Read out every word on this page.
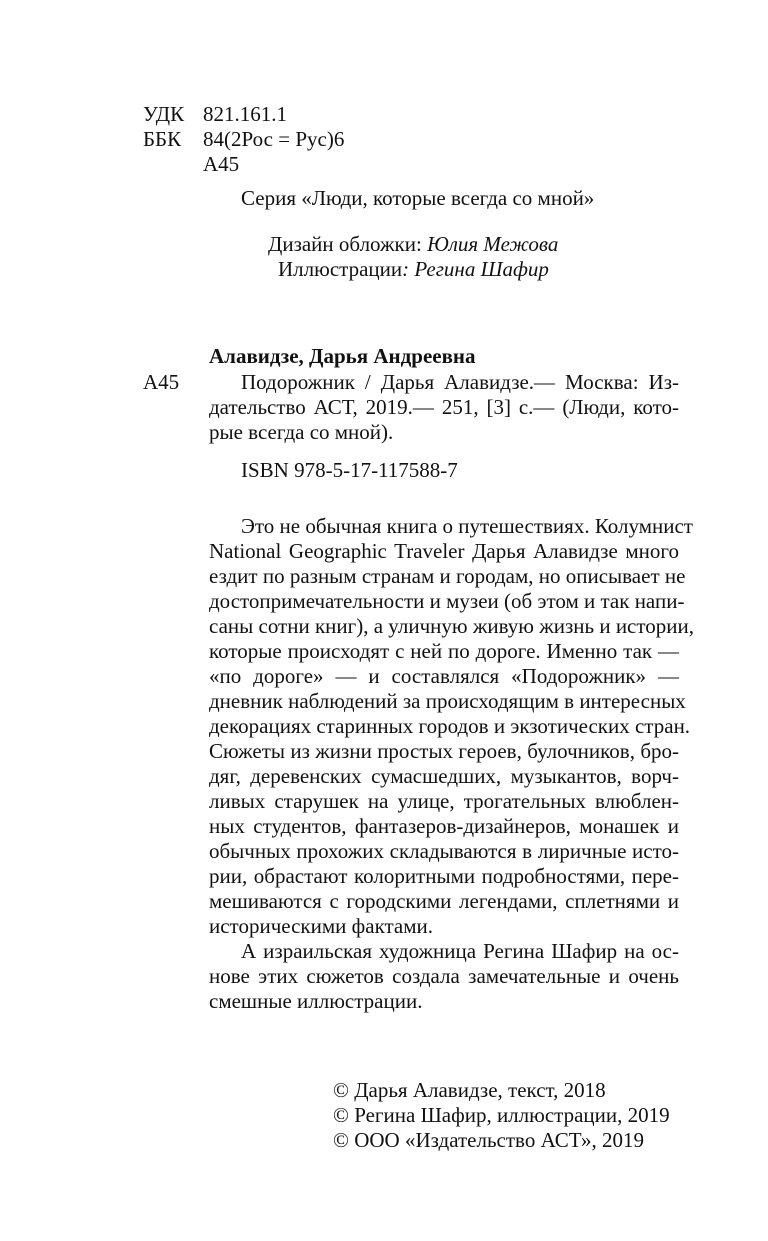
УДК 821.161.1
ББК 84(2Рос = Рус)6
А45
Серия «Люди, которые всегда со мной»
Дизайн обложки: Юлия Межова
Иллюстрации: Регина Шафир
Алавидзе, Дарья Андреевна
А45	Подорожник / Дарья Алавидзе.— Москва: Из-
дательство АСТ, 2019.— 251, [3] с.— (Люди, кото-
рые всегда со мной).
ISBN 978-5-17-117588-7
Это не обычная книга о путешествиях. Колумнист
National Geographic Traveler Дарья Алавидзе много
ездит по разным странам и городам, но описывает не
достопримечательности и музеи (об этом и так напи-
саны сотни книг), а уличную живую жизнь и истории,
которые происходят с ней по дороге. Именно так —
«по дороге» — и составлялся «Подорожник» —
дневник наблюдений за происходящим в интересных
декорациях старинных городов и экзотических стран.
Сюжеты из жизни простых героев, булочников, бро-
дяг, деревенских сумасшедших, музыкантов, ворч-
ливых старушек на улице, трогательных влюблен-
ных студентов, фантазеров-дизайнеров, монашек и
обычных прохожих складываются в лиричные исто-
рии, обрастают колоритными подробностями, пере-
мешиваются с городскими легендами, сплетнями и
историческими фактами.
А израильская художница Регина Шафир на ос-
нове этих сюжетов создала замечательные и очень
смешные иллюстрации.
© Дарья Алавидзе, текст, 2018
© Регина Шафир, иллюстрации, 2019
© ООО «Издательство АСТ», 2019
